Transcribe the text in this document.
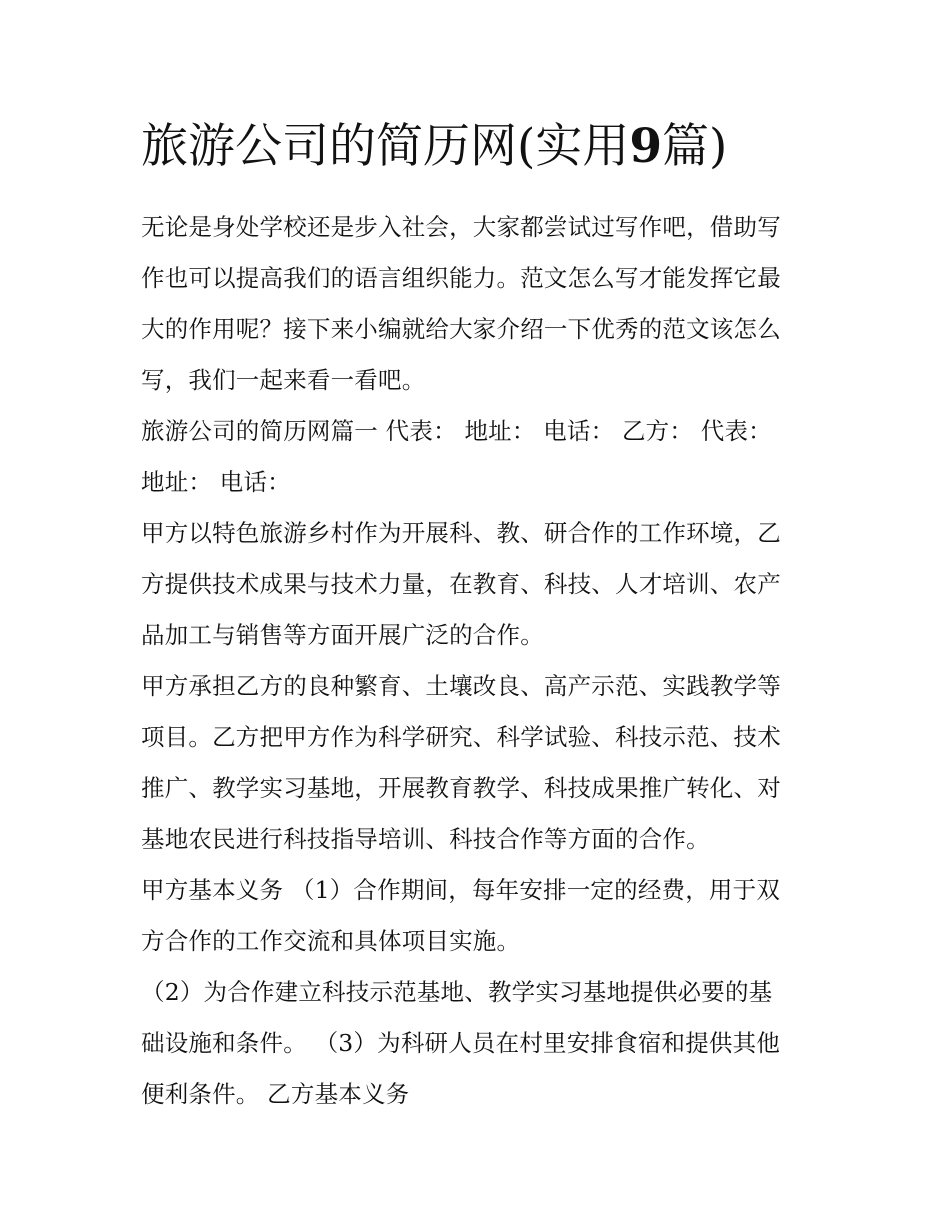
旅游公司的简历网(实用9篇)

无论是身处学校还是步入社会，大家都尝试过写作吧，借助写
作也可以提高我们的语言组织能力。范文怎么写才能发挥它最
大的作用呢？接下来小编就给大家介绍一下优秀的范文该怎么
写，我们一起来看一看吧。

旅游公司的简历网篇一 代表： 地址： 电话： 乙方： 代表：
地址： 电话：

甲方以特色旅游乡村作为开展科、教、研合作的工作环境，乙
方提供技术成果与技术力量，在教育、科技、人才培训、农产
品加工与销售等方面开展广泛的合作。

甲方承担乙方的良种繁育、土壤改良、高产示范、实践教学等
项目。乙方把甲方作为科学研究、科学试验、科技示范、技术
推广、教学实习基地，开展教育教学、科技成果推广转化、对
基地农民进行科技指导培训、科技合作等方面的合作。

甲方基本义务 （1）合作期间，每年安排一定的经费，用于双
方合作的工作交流和具体项目实施。

（2）为合作建立科技示范基地、教学实习基地提供必要的基
础设施和条件。 （3）为科研人员在村里安排食宿和提供其他
便利条件。 乙方基本义务
